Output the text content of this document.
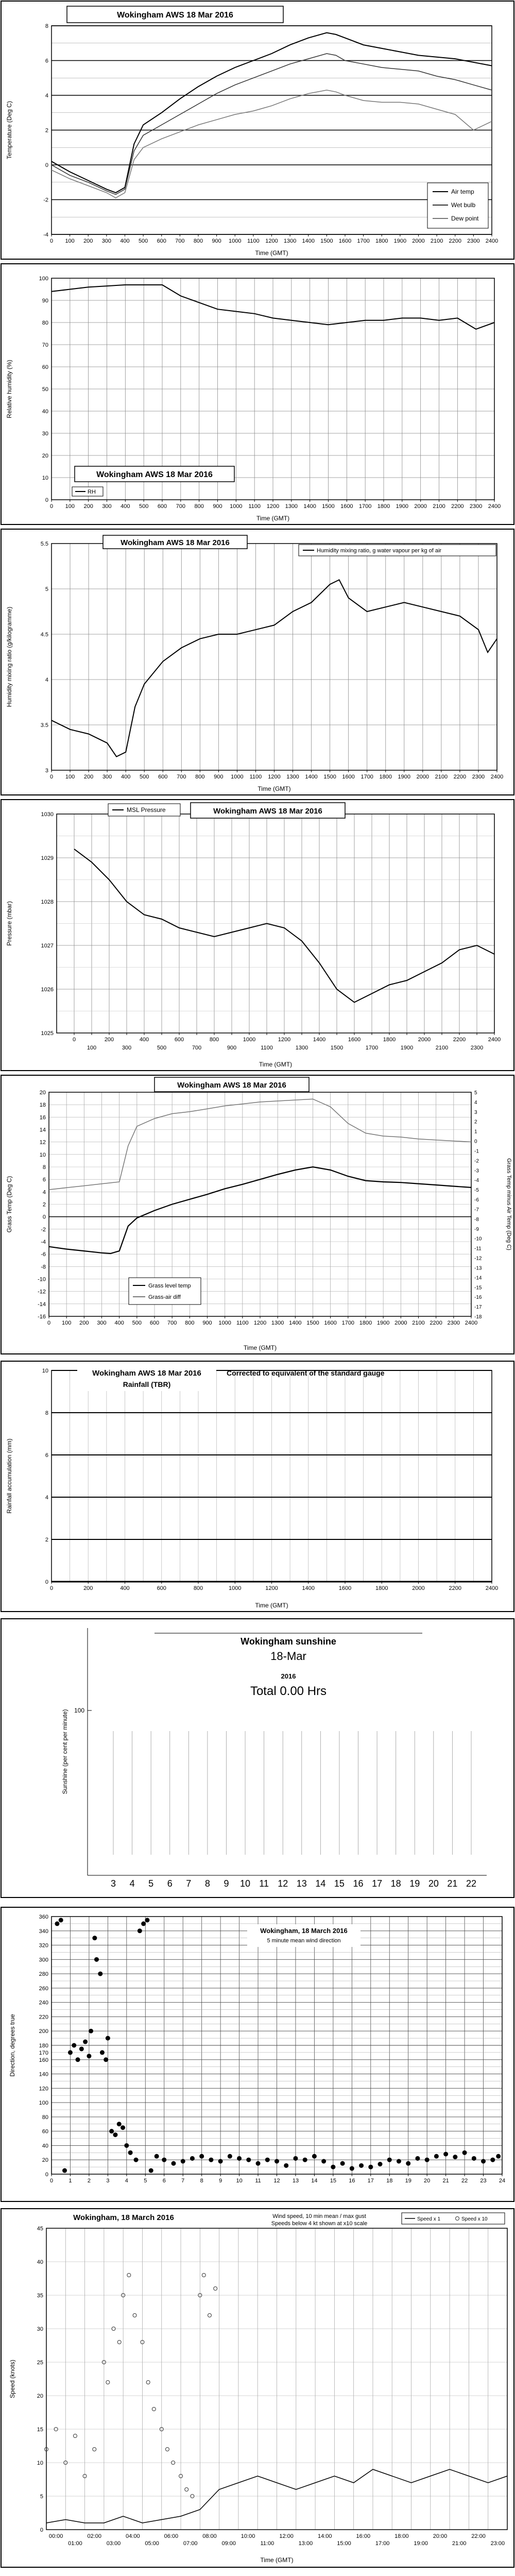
-4
-2
0
2
4
6
8
0 100 200 300 400 500 600 700 800 900 1000 1100 1200 1300 1400 1500 1600 1700 1800 1900 2000 2100 2200 2300 2400
Air temp
Wet bulb
Dew point
Wokingham AWS 18 Mar 2016
Time (GMT)
Temperature (Deg C)
0
10
20
30
40
50
60
70
80
90
100
0 100 200 300 400 500 600 700 800 900 1000 1100 1200 1300 1400 1500 1600 1700 1800 1900 2000 2100 2200 2300 2400
RH
Wokingham AWS 18 Mar 2016
Time (GMT)
Relative humidity (%)
3
3.5
4
4.5
5
5.5
0 100 200 300 400 500 600 700 800 900 1000 1100 1200 1300 1400 1500 1600 1700 1800 1900 2000 2100 2200 2300 2400
Humidity mixing ratio, g water vapour per kg of air
Wokingham AWS 18 Mar 2016
Time (GMT)
Humidity mixing ratio (g/kilogramme)
1025
1026
1027
1028
1029
1030
0	200	400	600	800	1000	1200	1400	1600	1800	2000	2200	2400
100	300	500	700	900	1100	1300	1500	1700	1900	2100	2300
MSL Pressure	Wokingham AWS 18 Mar 2016
Time (GMT)
Pressure (mbar)
-16
-14
-12
-10
-8
-6
-4
-2
0
2
4
6
8
10
12
14
16
18
20
-18
-17
-16
-15
-14
-13
-12
-11
-10
-9
-8
-7
-6
-5
-4
-3
-2
-1
0
1
2
3
4
5
0 100 200 300 400 500 600 700 800 900 1000 1100 1200 1300 1400 1500 1600 1700 1800 1900 2000 2100 2200 2300 2400
Grass level temp
Grass-air diff
Wokingham AWS 18 Mar 2016
Time (GMT)
Grass Temp (Deg C)	Grass Temp minus Air Temp (Deg C)
0
2
4
6
8
10
0	200	400	600	800	1000	1200	1400	1600	1800	2000	2200	2400
Wokingham AWS 18 Mar 2016
Rainfall (TBR)
Corrected to equivalent of the standard gauge
Time (GMT)
Rainfall accumulation (mm)
3 4 5 6 7 8 9 10 11 12 13 14 15 16 17 18 19 20 21 22
100
Wokingham sunshine
18-Mar
2016
Total 0.00 Hrs
Sunshine (per cent per minute)
0
20
40
60
80
100
120
140
160
170
180
200
220
240
260
280
300
320
340
360
0	1	2	3	4	5	6	7	8	9 10 11 12 13 14 15 16 17 18 19 20 21 22 23 24
Wokingham, 18 March 2016
5 minute mean wind direction
Direction, degrees true
0
5
10
15
20
25
30
35
40
45
00:00
01:00
02:00
03:00
04:00
05:00
06:00
07:00
08:00
09:00
10:00
11:00
12:00
13:00
14:00
15:00
16:00
17:00
18:00
19:00
20:00
21:00
22:00
23:00
Wokingham, 18 March 2016	Wind speed, 10 min mean / max gust
Speeds below 4 kt shown at x10 scale
Speed x 1	Speed x 10
Time (GMT)
Speed (knots)
